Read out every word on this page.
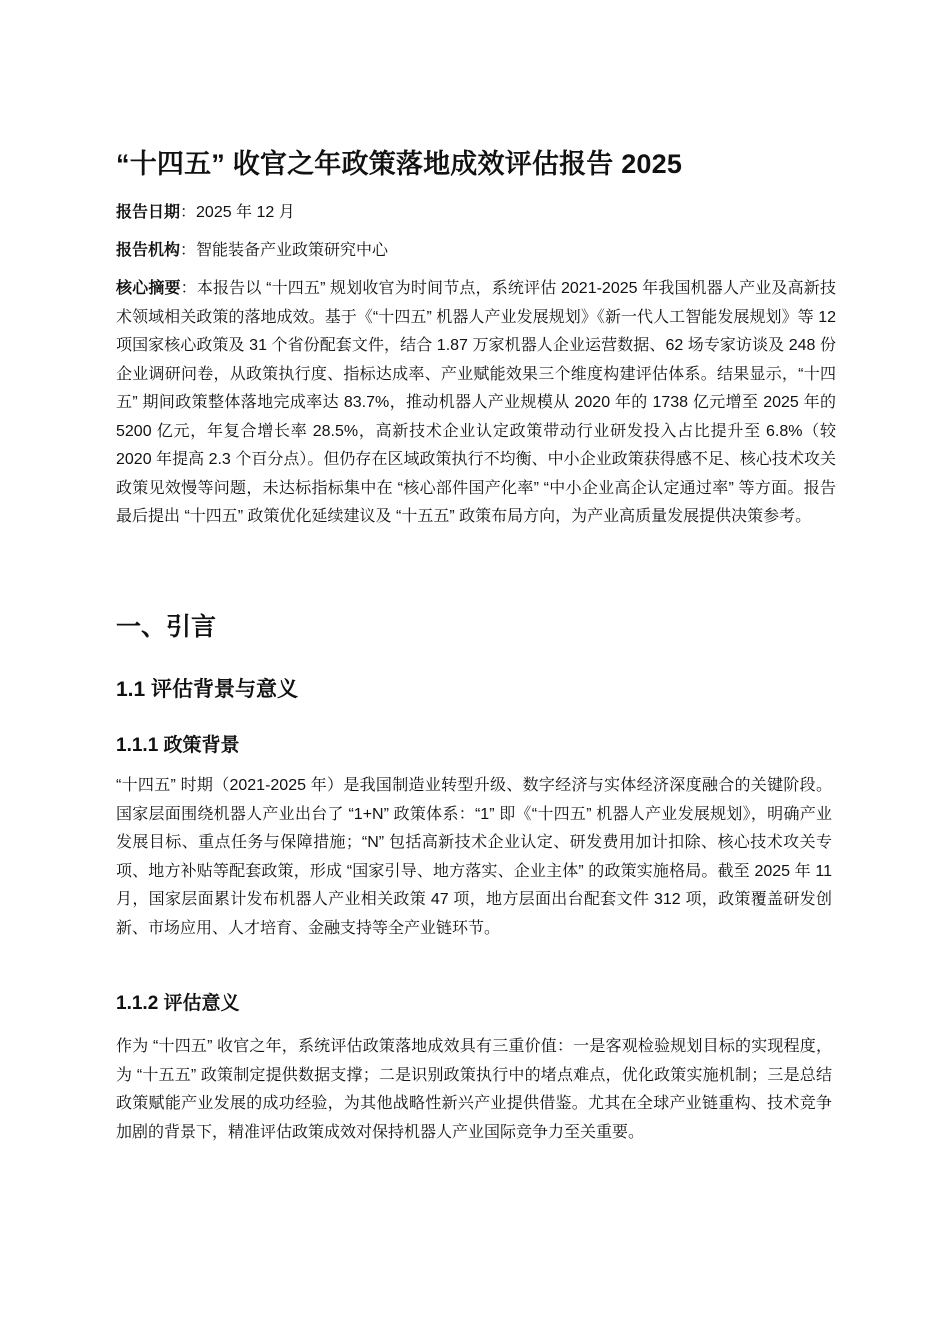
“十四五” 收官之年政策落地成效评估报告 2025

报告日期：2025 年 12 月

报告机构：智能装备产业政策研究中心

核心摘要：本报告以 “十四五” 规划收官为时间节点，系统评估 2021-2025 年我国机器人产业及高新技术领域相关政策的落地成效。基于《“十四五” 机器人产业发展规划》《新一代人工智能发展规划》等 12 项国家核心政策及 31 个省份配套文件，结合 1.87 万家机器人企业运营数据、62 场专家访谈及 248 份企业调研问卷，从政策执行度、指标达成率、产业赋能效果三个维度构建评估体系。结果显示，“十四五” 期间政策整体落地完成率达 83.7%，推动机器人产业规模从 2020 年的 1738 亿元增至 2025 年的 5200 亿元，年复合增长率 28.5%，高新技术企业认定政策带动行业研发投入占比提升至 6.8%（较 2020 年提高 2.3 个百分点）。但仍存在区域政策执行不均衡、中小企业政策获得感不足、核心技术攻关政策见效慢等问题，未达标指标集中在 “核心部件国产化率” “中小企业高企认定通过率” 等方面。报告最后提出 “十四五” 政策优化延续建议及 “十五五” 政策布局方向，为产业高质量发展提供决策参考。

一、引言
1.1 评估背景与意义
1.1.1 政策背景

“十四五” 时期（2021-2025 年）是我国制造业转型升级、数字经济与实体经济深度融合的关键阶段。国家层面围绕机器人产业出台了 “1+N” 政策体系：“1” 即《“十四五” 机器人产业发展规划》，明确产业发展目标、重点任务与保障措施；“N” 包括高新技术企业认定、研发费用加计扣除、核心技术攻关专项、地方补贴等配套政策，形成 “国家引导、地方落实、企业主体” 的政策实施格局。截至 2025 年 11 月，国家层面累计发布机器人产业相关政策 47 项，地方层面出台配套文件 312 项，政策覆盖研发创新、市场应用、人才培育、金融支持等全产业链环节。

1.1.2 评估意义

作为 “十四五” 收官之年，系统评估政策落地成效具有三重价值：一是客观检验规划目标的实现程度，为 “十五五” 政策制定提供数据支撑；二是识别政策执行中的堵点难点，优化政策实施机制；三是总结政策赋能产业发展的成功经验，为其他战略性新兴产业提供借鉴。尤其在全球产业链重构、技术竞争加剧的背景下，精准评估政策成效对保持机器人产业国际竞争力至关重要。
